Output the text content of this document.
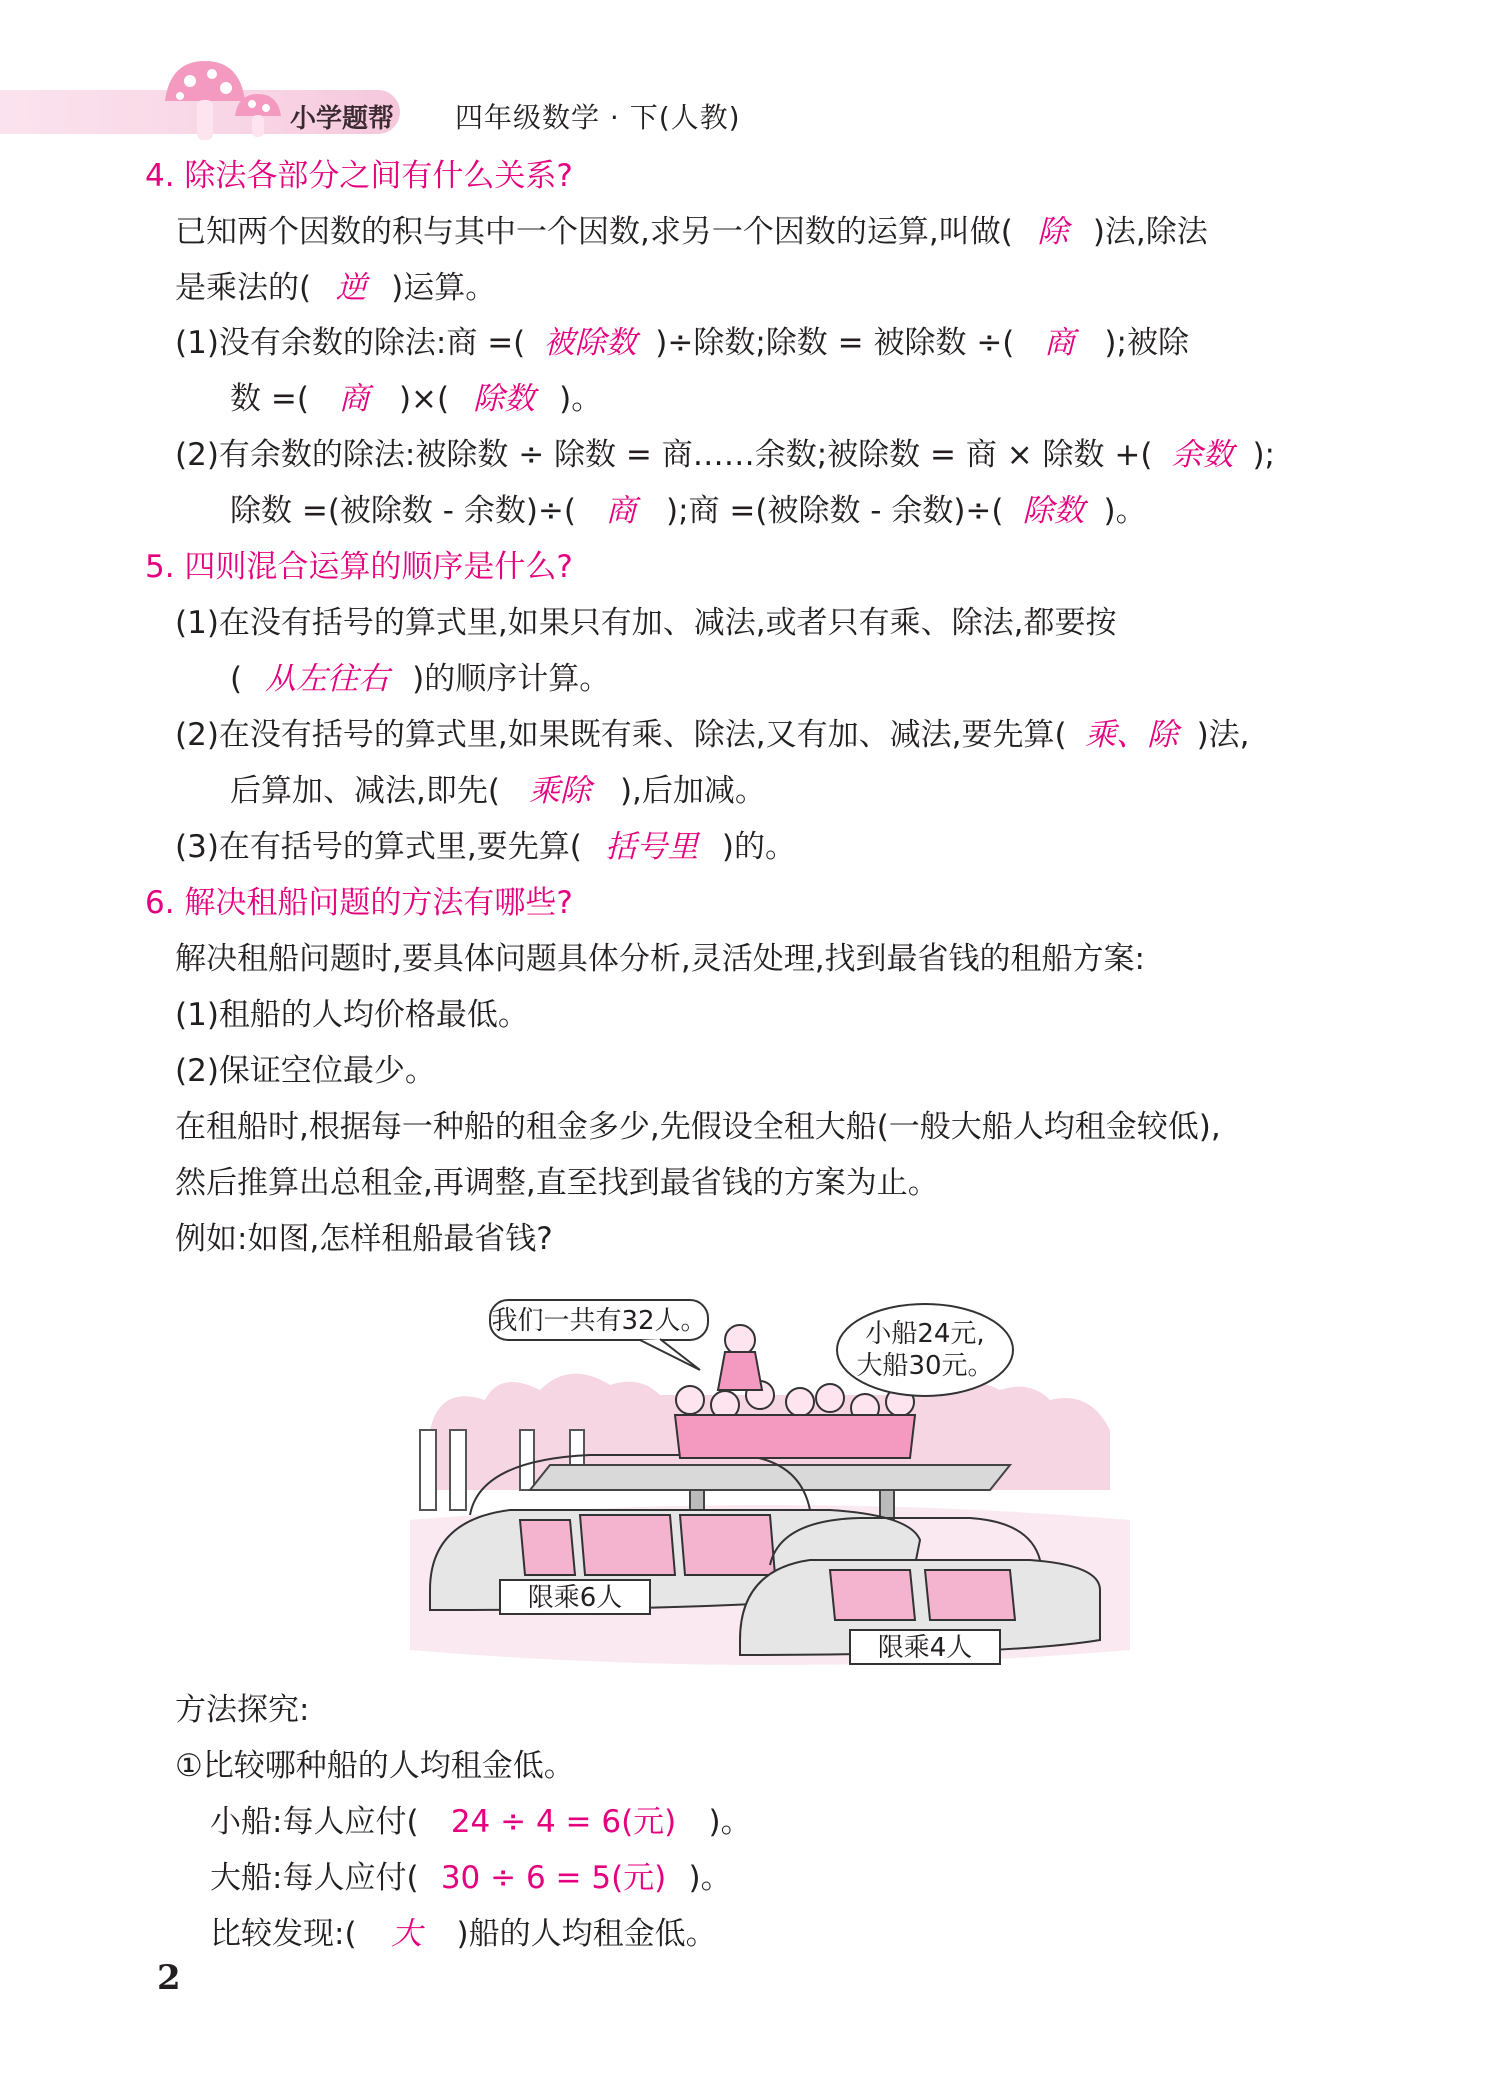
小学题帮 四年级数学 · 下(人教)
4. 除法各部分之间有什么关系?
已知两个因数的积与其中一个因数,求另一个因数的运算,叫做( 除 )法,除法
是乘法的( 逆 )运算。
(1)没有余数的除法:商 =( 被除数 )÷除数;除数 = 被除数 ÷( 商 );被除
数 =( 商 )×( 除数 )。
(2)有余数的除法:被除数 ÷ 除数 = 商……余数;被除数 = 商 × 除数 +( 余数 );
除数 =(被除数 - 余数)÷( 商 );商 =(被除数 - 余数)÷( 除数 )。
5. 四则混合运算的顺序是什么?
(1)在没有括号的算式里,如果只有加、减法,或者只有乘、除法,都要按
( 从左往右 )的顺序计算。
(2)在没有括号的算式里,如果既有乘、除法,又有加、减法,要先算( 乘、除 )法,
后算加、减法,即先( 乘除 ),后加减。
(3)在有括号的算式里,要先算( 括号里 )的。
6. 解决租船问题的方法有哪些?
解决租船问题时,要具体问题具体分析,灵活处理,找到最省钱的租船方案:
(1)租船的人均价格最低。
(2)保证空位最少。
在租船时,根据每一种船的租金多少,先假设全租大船(一般大船人均租金较低),
然后推算出总租金,再调整,直至找到最省钱的方案为止。
例如:如图,怎样租船最省钱?
限乘6人
限乘4人
我们一共有32人。	小船24元,
大船30元。
方法探究:
①比较哪种船的人均租金低。
小船:每人应付( 24 ÷ 4 = 6(元) )。
大船:每人应付( 30 ÷ 6 = 5(元) )。
比较发现:( 大 )船的人均租金低。
2
